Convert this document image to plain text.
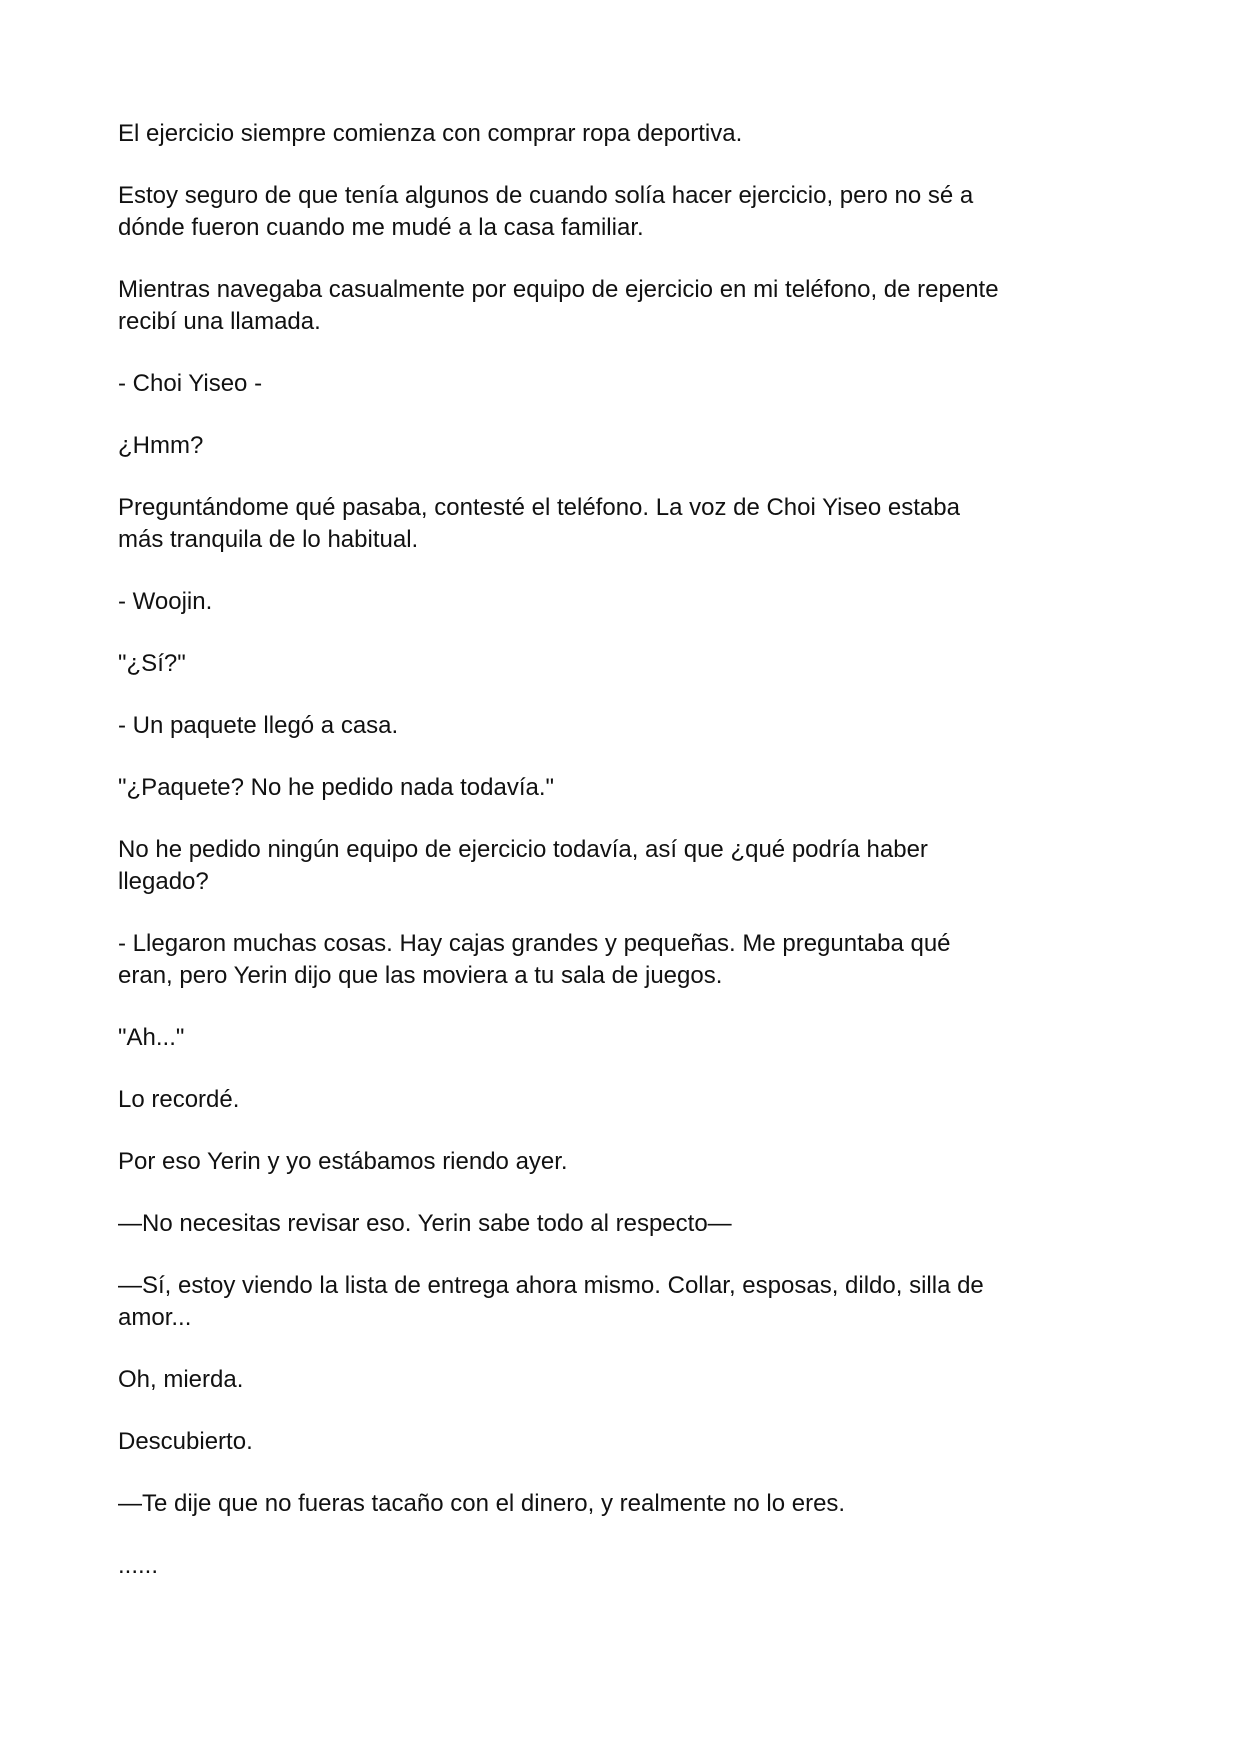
El ejercicio siempre comienza con comprar ropa deportiva.

Estoy seguro de que tenía algunos de cuando solía hacer ejercicio, pero no sé a
dónde fueron cuando me mudé a la casa familiar.

Mientras navegaba casualmente por equipo de ejercicio en mi teléfono, de repente
recibí una llamada.

- Choi Yiseo -

¿Hmm?

Preguntándome qué pasaba, contesté el teléfono. La voz de Choi Yiseo estaba
más tranquila de lo habitual.

- Woojin.

"¿Sí?"

- Un paquete llegó a casa.

"¿Paquete? No he pedido nada todavía."

No he pedido ningún equipo de ejercicio todavía, así que ¿qué podría haber
llegado?

- Llegaron muchas cosas. Hay cajas grandes y pequeñas. Me preguntaba qué
eran, pero Yerin dijo que las moviera a tu sala de juegos.

"Ah..."

Lo recordé.

Por eso Yerin y yo estábamos riendo ayer.

—No necesitas revisar eso. Yerin sabe todo al respecto—

—Sí, estoy viendo la lista de entrega ahora mismo. Collar, esposas, dildo, silla de
amor...

Oh, mierda.

Descubierto.

—Te dije que no fueras tacaño con el dinero, y realmente no lo eres.

......
